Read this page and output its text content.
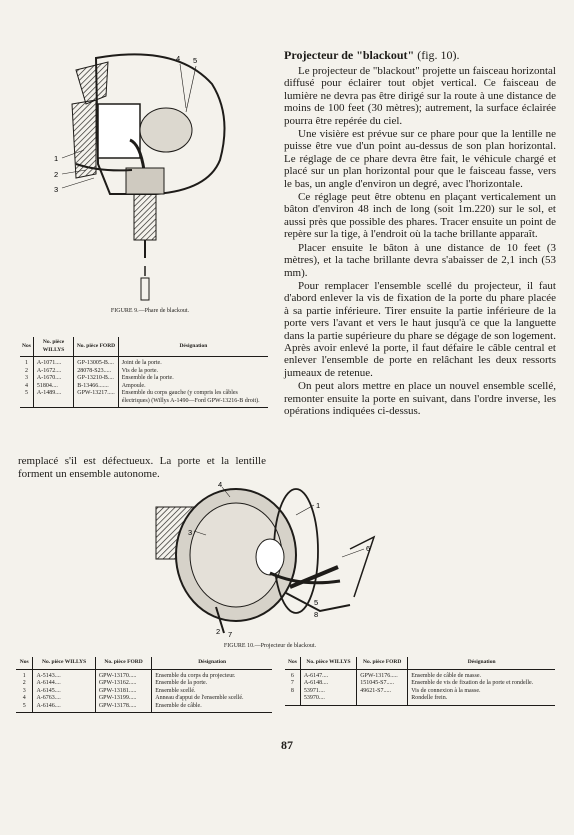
1
2
3
4 5
FIGURE 9.—Phare de blackout.
Nos	No. pièce WILLYS	No. pièce FORD	Désignation
1	A-1071....	GP-13005-B....	Joint de la porte.
2	A-1672....	28078-S23.....	Vis de la porte.
3	A-1670....	GP-13210-B....	Ensemble de la porte.
4	51804....	B-13466.......	Ampoule.
5	A-1489....	GPW-13217.....	Ensemble du corps gauche (y compris les câbles électriques) (Willys A-1490—Ford GPW-13216-B droit).
remplacé s'il est défectueux. La porte et la lentille forment un ensemble autonome.
Projecteur de "blackout" (fig. 10).

Le projecteur de "blackout" projette un faisceau horizontal diffusé pour éclairer tout objet vertical. Ce faisceau de lumière ne devra pas être dirigé sur la route à une distance de moins de 100 feet (30 mètres); autrement, la surface éclairée pourra être repérée du ciel.

Une visière est prévue sur ce phare pour que la lentille ne puisse être vue d'un point au-dessus de son plan horizontal. Le réglage de ce phare devra être fait, le véhicule chargé et placé sur un plan horizontal pour que le faisceau fasse, vers le bas, un angle d'environ un degré, avec l'horizontale.

Ce réglage peut être obtenu en plaçant verticalement un bâton d'environ 48 inch de long (soit 1m.220) sur le sol, et aussi près que possible des phares. Tracer ensuite un point de repère sur la tige, à l'endroit où la tache brillante apparaît.

Placer ensuite le bâton à une distance de 10 feet (3 mètres), et la tache brillante devra s'abaisser de 2,1 inch (53 mm).

Pour remplacer l'ensemble scellé du projecteur, il faut d'abord enlever la vis de fixation de la porte du phare placée à sa partie inférieure. Tirer ensuite la partie inférieure de la porte vers l'avant et vers le haut jusqu'à ce que la languette dans la partie supérieure du phare se dégage de son logement. Après avoir enlevé la porte, il faut défaire le câble central et enlever l'ensemble de porte en relâchant les deux ressorts jumeaux de retenue.

On peut alors mettre en place un nouvel ensemble scellé, remonter ensuite la porte en suivant, dans l'ordre inverse, les opérations indiquées ci-dessus.

1
2
3
4
5
6
7
8
FIGURE 10.—Projecteur de blackout.
Nos	No. pièce WILLYS	No. pièce FORD	Désignation
1	A-5143....	GPW-13170.....	Ensemble du corps du projecteur.
2	A-6144....	GPW-13162.....	Ensemble de la porte.
3	A-6145....	GPW-13181.....	Ensemble scellé.
4	A-6763....	GPW-13199.....	Anneau d'appui de l'ensemble scellé.
5	A-6146....	GPW-13178.....	Ensemble de câble.
Nos	No. pièce WILLYS	No. pièce FORD	Désignation
6	A-6147....	GPW-13176.....	Ensemble de câble de masse.
7	A-6148....	151045-S7.....	Ensemble de vis de fixation de la porte et rondelle.
8	53971....	49621-S7.....	Vis de connexion à la masse.
	53970....		Rondelle frein.
87
